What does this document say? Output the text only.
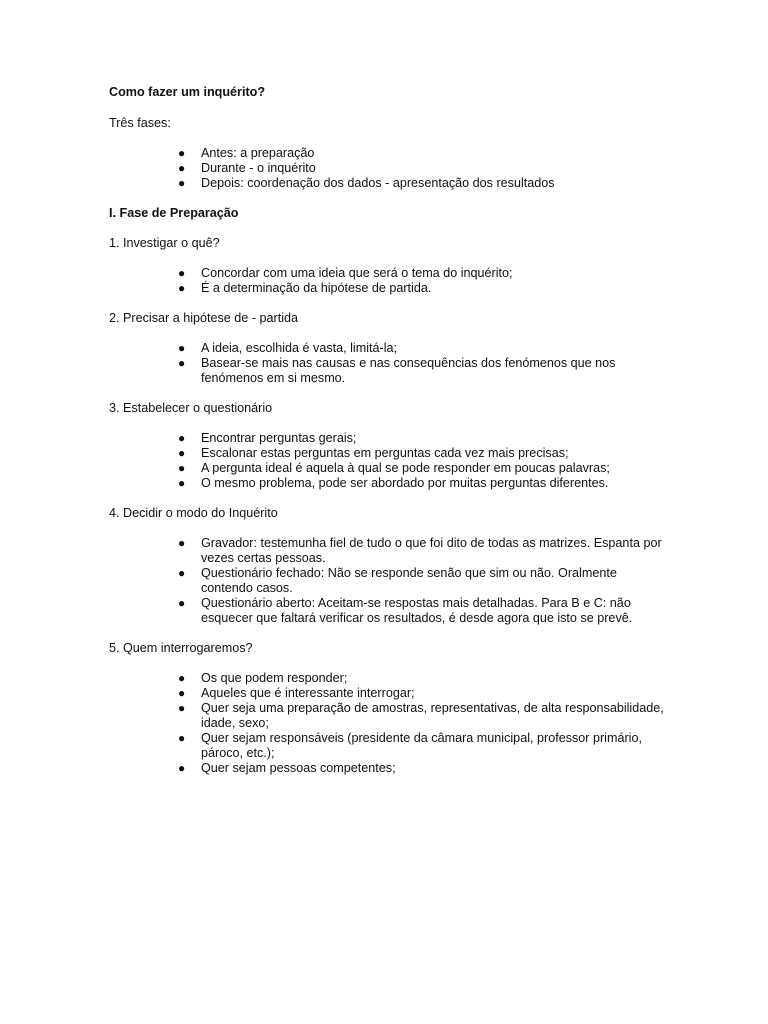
Como fazer um inquérito?

Três fases:

● Antes: a preparação
● Durante - o inquérito
● Depois: coordenação dos dados - apresentação dos resultados

I. Fase de Preparação

1. Investigar o quê?

● Concordar com uma ideia que será o tema do inquérito;
● É a determinação da hipótese de partida.

2. Precisar a hipótese de - partida

● A ideia, escolhida é vasta, limitá-la;
● Basear-se mais nas causas e nas consequências dos fenómenos que nos fenómenos em si mesmo.

3. Estabelecer o questionário

● Encontrar perguntas gerais;
● Escalonar estas perguntas em perguntas cada vez mais precisas;
● A pergunta ideal é aquela à qual se pode responder em poucas palavras;
● O mesmo problema, pode ser abordado por muitas perguntas diferentes.

4. Decidir o modo do Inquérito

● Gravador: testemunha fiel de tudo o que foi dito de todas as matrizes. Espanta por vezes certas pessoas.
● Questionário fechado: Não se responde senão que sim ou não. Oralmente contendo casos.
● Questionário aberto: Aceitam-se respostas mais detalhadas. Para B e C: não esquecer que faltará verificar os resultados, é desde agora que isto se prevê.

5. Quem interrogaremos?

● Os que podem responder;
● Aqueles que é interessante interrogar;
● Quer seja uma preparação de amostras, representativas, de alta responsabilidade, idade, sexo;
● Quer sejam responsáveis (presidente da câmara municipal, professor primário, pároco, etc.);
● Quer sejam pessoas competentes;
